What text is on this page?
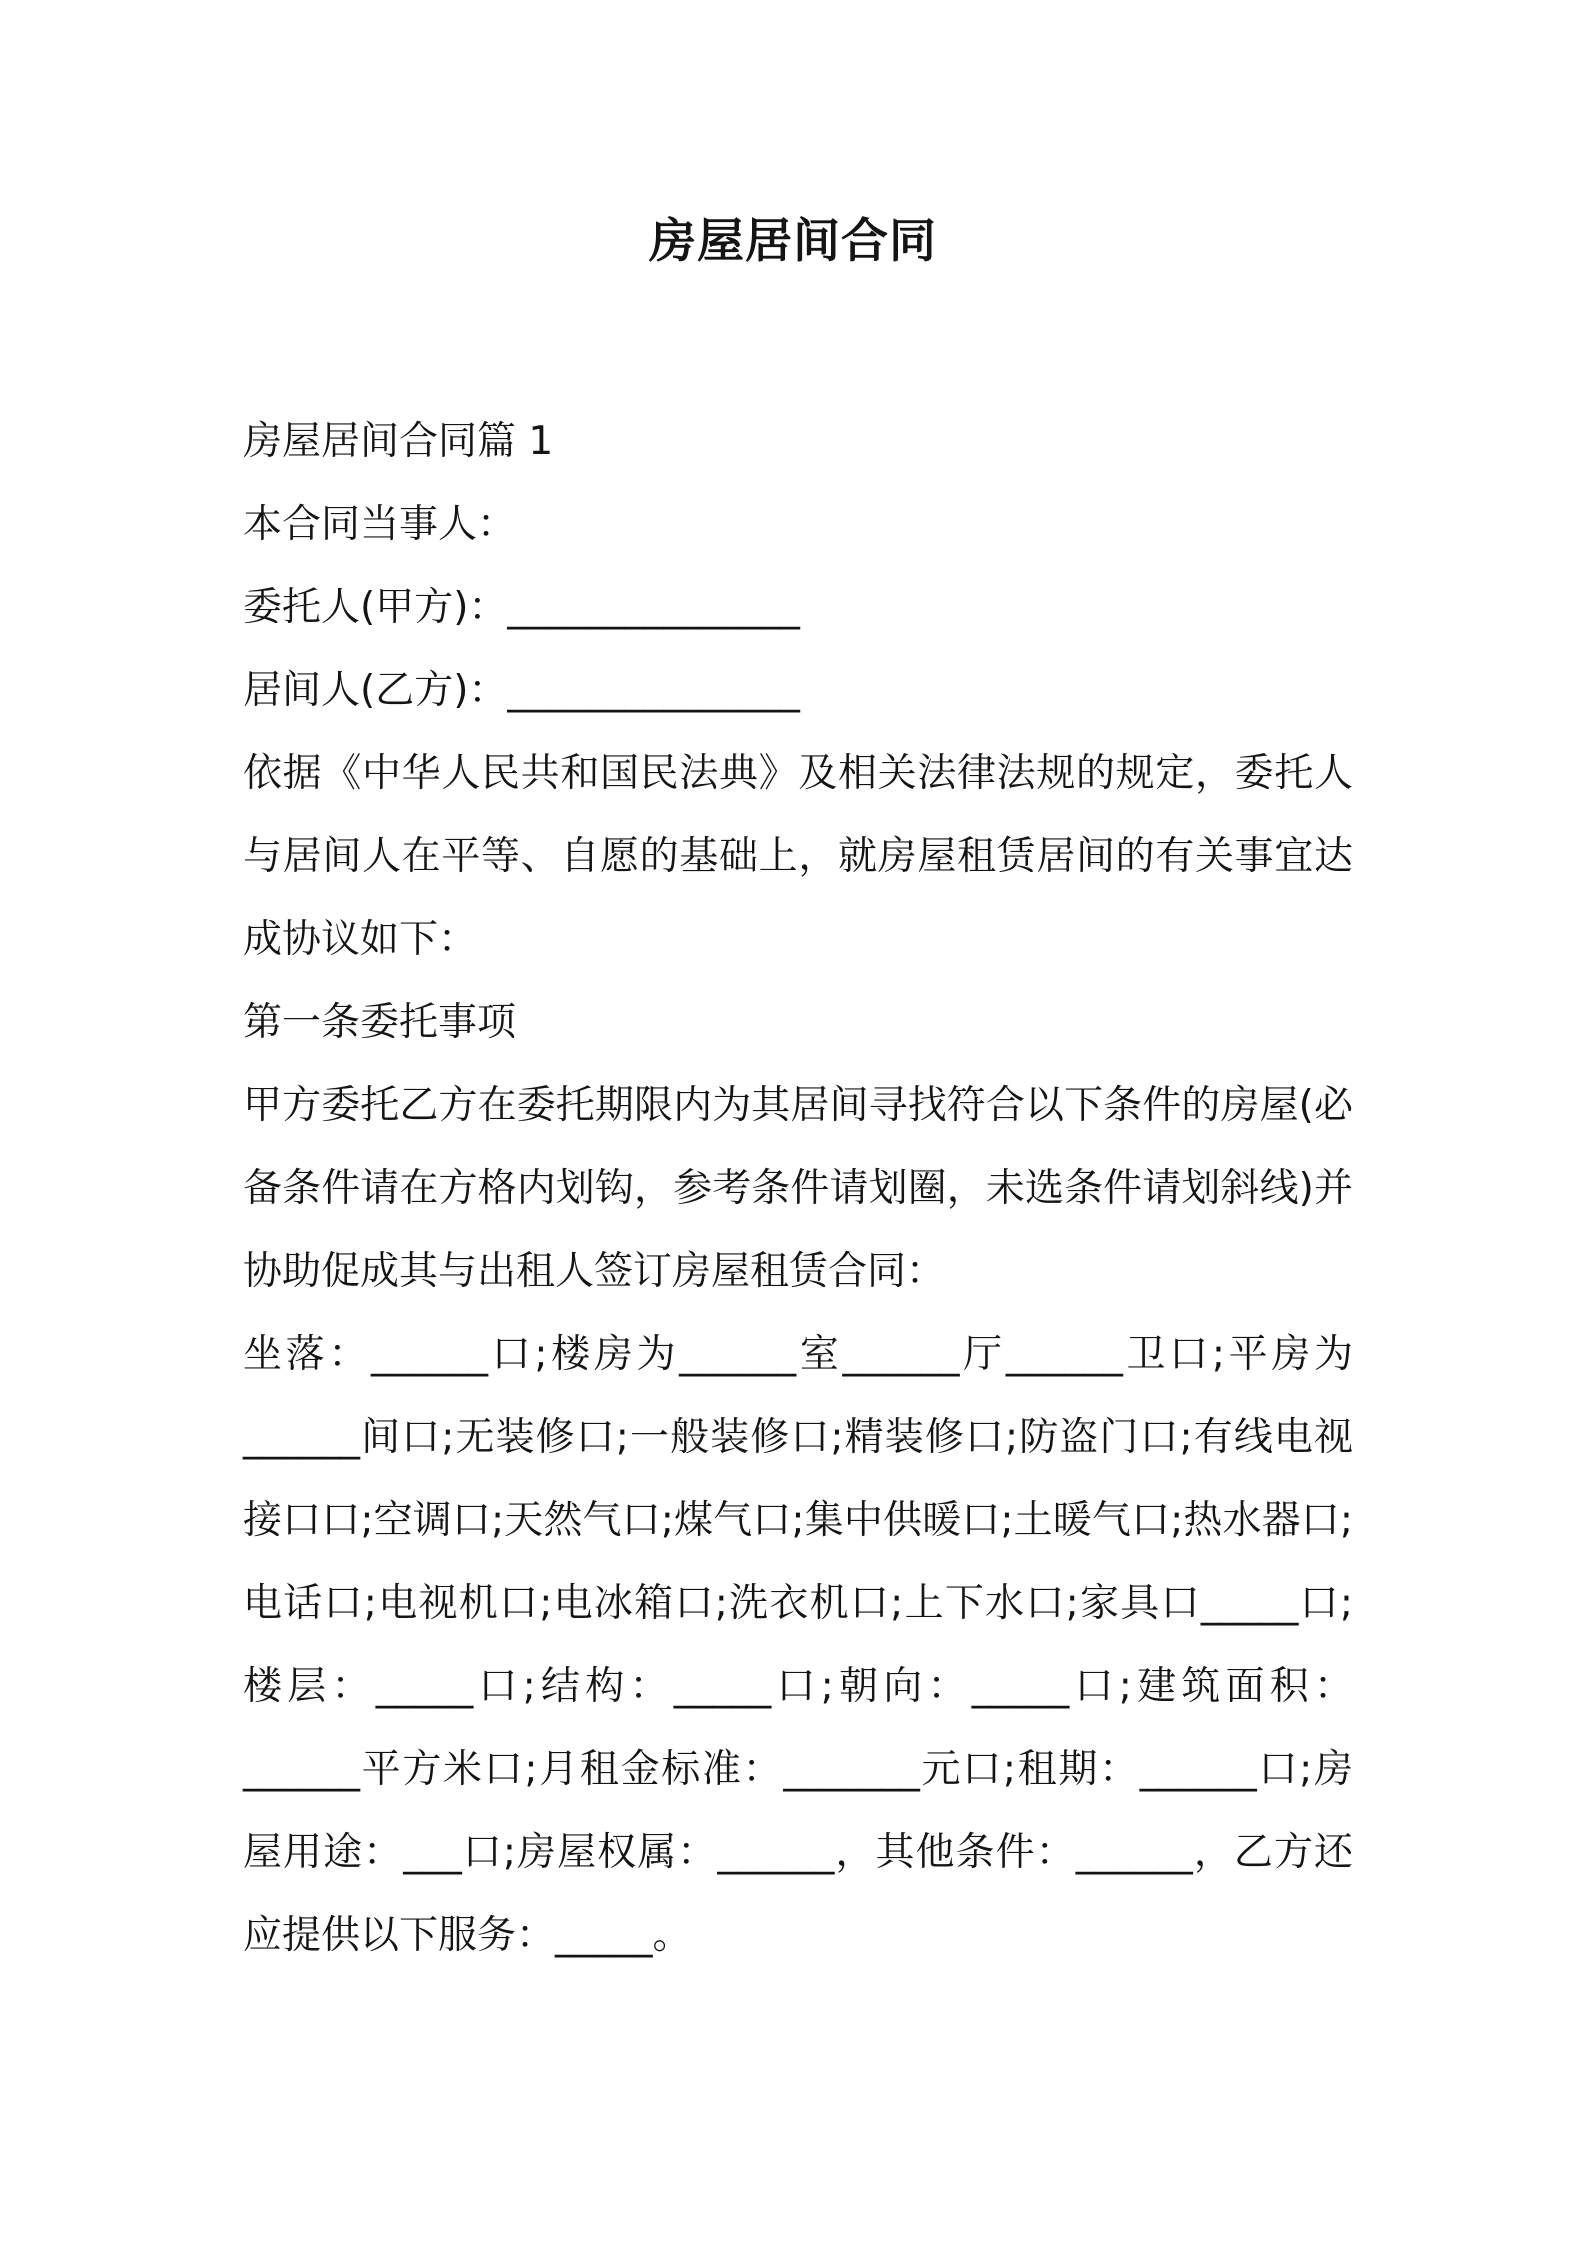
房屋居间合同

房屋居间合同篇 1

本合同当事人：

委托人(甲方)：_______________

居间人(乙方)：_______________

依据《中华人民共和国民法典》及相关法律法规的规定，委托人与居间人在平等、自愿的基础上，就房屋租赁居间的有关事宜达成协议如下：

第一条委托事项

甲方委托乙方在委托期限内为其居间寻找符合以下条件的房屋(必备条件请在方格内划钩，参考条件请划圈，未选条件请划斜线)并协助促成其与出租人签订房屋租赁合同：

坐落：______口;楼房为______室______厅______卫口;平房为______间口;无装修口;一般装修口;精装修口;防盗门口;有线电视接口口;空调口;天然气口;煤气口;集中供暖口;土暖气口;热水器口;电话口;电视机口;电冰箱口;洗衣机口;上下水口;家具口_____口;楼层：_____口;结构：_____口;朝向：_____口;建筑面积：______平方米口;月租金标准：_______元口;租期：______口;房屋用途：___口;房屋权属：______，其他条件：______，乙方还应提供以下服务：_____。
